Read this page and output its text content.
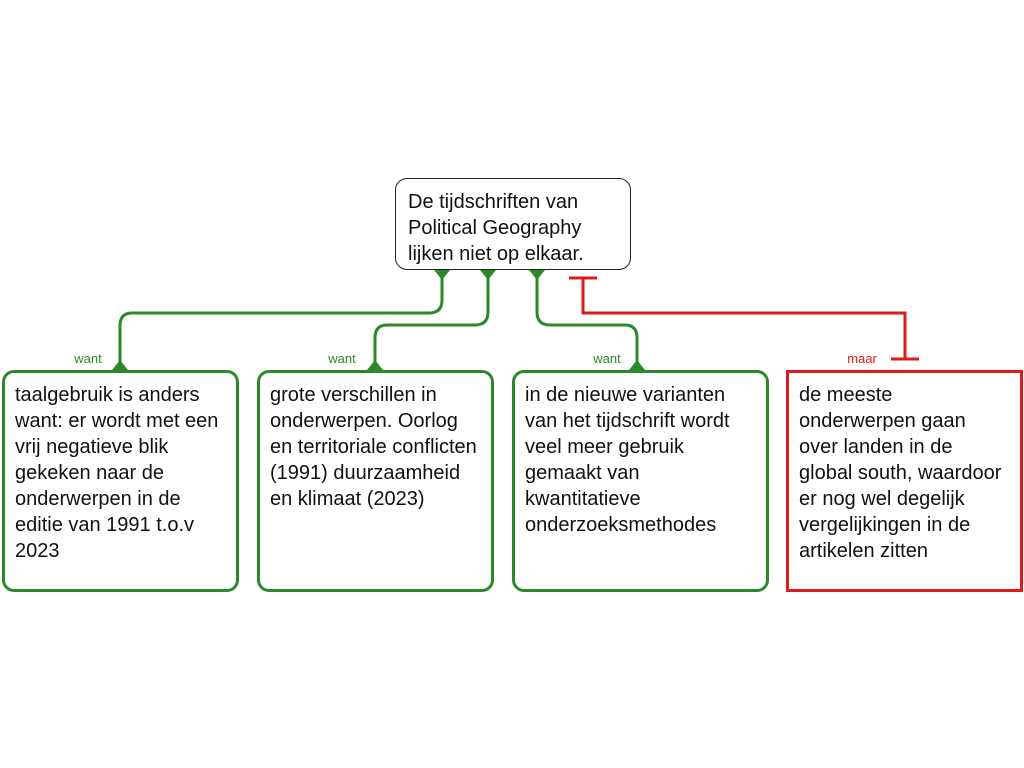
De tijdschriften van Political Geography lijken niet op elkaar.
want	want	want	maar
taalgebruik is anders want: er wordt met een vrij negatieve blik gekeken naar de onderwerpen in de editie van 1991 t.o.v 2023
grote verschillen in onderwerpen. Oorlog en territoriale conflicten (1991) duurzaamheid en klimaat (2023)
in de nieuwe varianten van het tijdschrift wordt veel meer gebruik gemaakt van kwantitatieve onderzoeksmethodes
de meeste onderwerpen gaan over landen in de global south, waardoor er nog wel degelijk vergelijkingen in de artikelen zitten
